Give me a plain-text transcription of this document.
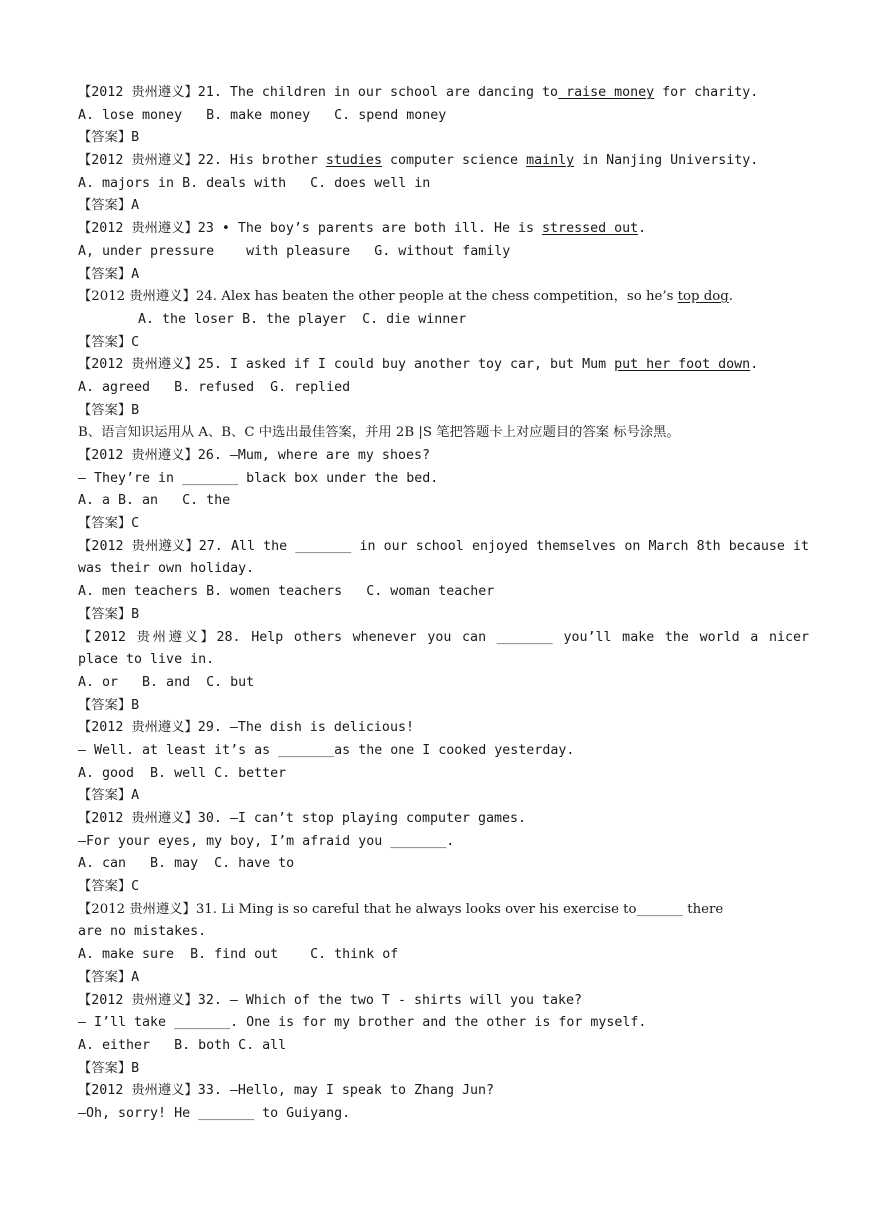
【2012 贵州遵义】21. The children in our school are dancing to raise money for charity.
A. lose money   B. make money   C. spend money
【答案】B
【2012 贵州遵义】22. His brother studies computer science mainly in Nanjing University.
A. majors in B. deals with   C. does well in
【答案】A
【2012 贵州遵义】23 • The boy’s parents are both ill. He is stressed out.
A, under pressure    with pleasure   G. without family
【答案】A
【2012 贵州遵义】24. Alex has beaten the other people at the chess competition，so he’s top dog.
A. the loser B. the player  C. die winner
【答案】C
【2012 贵州遵义】25. I asked if I could buy another toy car, but Mum put her foot down.
A. agreed   B. refused  G. replied
【答案】B
B、语言知识运用从 A、B、C 中选出最佳答案，并用 2B |S 笔把答题卡上对应题目的答案 标号涂黑。
【2012 贵州遵义】26. —Mum, where are my shoes?
— They’re in _______ black box under the bed.
A. a B. an   C. the
【答案】C
【2012 贵州遵义】27. All the _______ in our school enjoyed themselves on March 8th because it
was their own holiday.
A. men teachers B. women teachers   C. woman teacher
【答案】B
【2012 贵州遵义】28. Help others whenever you can _______ you’ll make the world a nicer
place to live in.
A. or   B. and  C. but
【答案】B
【2012 贵州遵义】29. —The dish is delicious!
— Well. at least it’s as _______as the one I cooked yesterday.
A. good  B. well C. better
【答案】A
【2012 贵州遵义】30. —I can’t stop playing computer games.
—For your eyes, my boy, I’m afraid you _______.
A. can   B. may  C. have to
【答案】C
【2012 贵州遵义】31. Li Ming is so careful that he always looks over his exercise to_______ there
are no mistakes.
A. make sure  B. find out    C. think of
【答案】A
【2012 贵州遵义】32. — Which of the two T - shirts will you take?
— I’ll take _______. One is for my brother and the other is for myself.
A. either   B. both C. all
【答案】B
【2012 贵州遵义】33. —Hello, may I speak to Zhang Jun?
—Oh, sorry! He _______ to Guiyang.
